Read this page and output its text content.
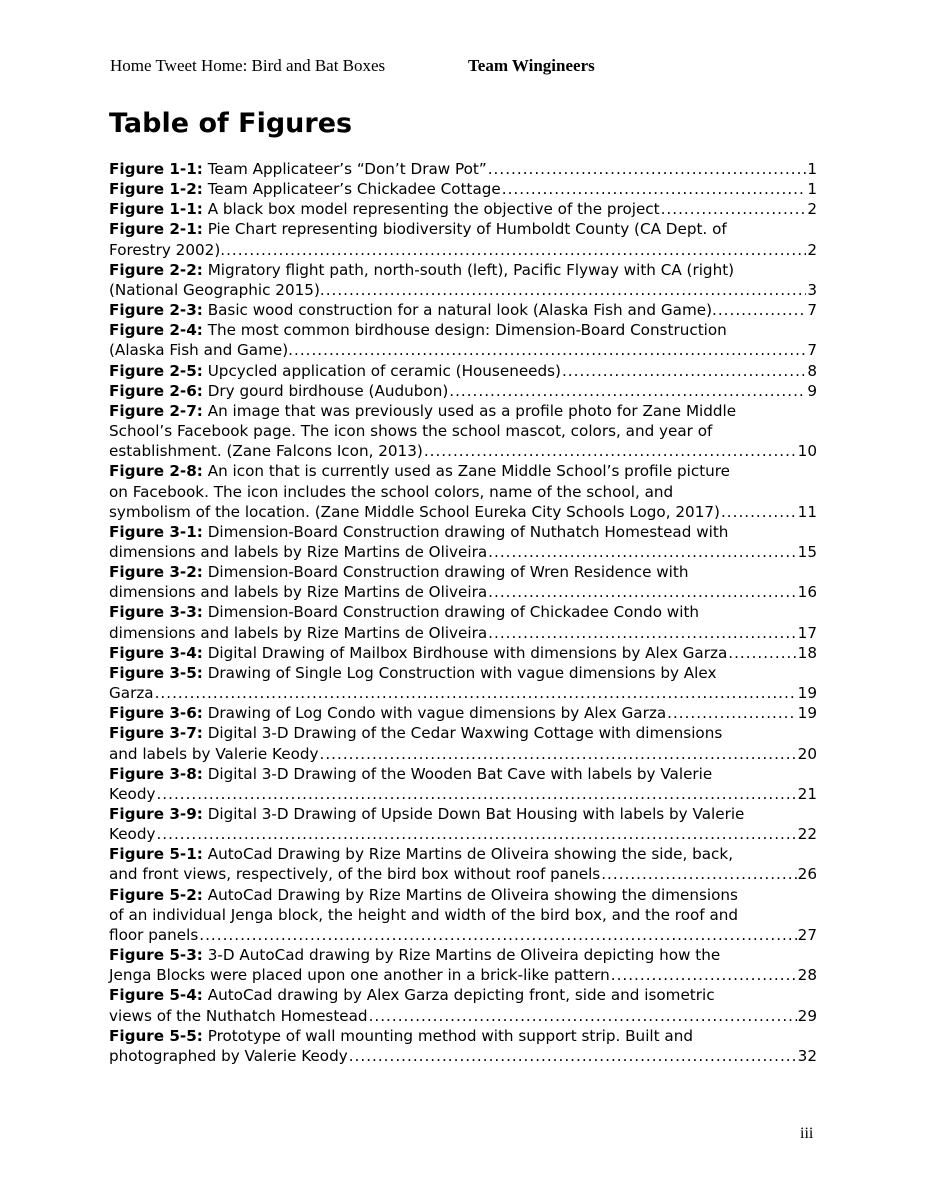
Home Tweet Home: Bird and Bat Boxes	Team Wingineers
Table of Figures
Figure 1-1: Team Applicateer’s “Don’t Draw Pot” .....	1
Figure 1-2: Team Applicateer’s Chickadee Cottage .....	1
Figure 1-1: A black box model representing the objective of the project .....	2
Figure 2-1: Pie Chart representing biodiversity of Humboldt County (CA Dept. of
Forestry 2002). .....	2
Figure 2-2: Migratory flight path, north-south (left), Pacific Flyway with CA (right)
(National Geographic 2015). .....	3
Figure 2-3: Basic wood construction for a natural look (Alaska Fish and Game). .....	7
Figure 2-4: The most common birdhouse design: Dimension-Board Construction
(Alaska Fish and Game). .....	7
Figure 2-5: Upcycled application of ceramic (Houseneeds) .....	8
Figure 2-6: Dry gourd birdhouse (Audubon) .....	9
Figure 2-7: An image that was previously used as a profile photo for Zane Middle
School’s Facebook page. The icon shows the school mascot, colors, and year of
establishment. (Zane Falcons Icon, 2013) .....	10
Figure 2-8: An icon that is currently used as Zane Middle School’s profile picture
on Facebook. The icon includes the school colors, name of the school, and
symbolism of the location. (Zane Middle School Eureka City Schools Logo, 2017) .....	11
Figure 3-1: Dimension-Board Construction drawing of Nuthatch Homestead with
dimensions and labels by Rize Martins de Oliveira .....	15
Figure 3-2: Dimension-Board Construction drawing of Wren Residence with
dimensions and labels by Rize Martins de Oliveira .....	16
Figure 3-3: Dimension-Board Construction drawing of Chickadee Condo with
dimensions and labels by Rize Martins de Oliveira .....	17
Figure 3-4: Digital Drawing of Mailbox Birdhouse with dimensions by Alex Garza .....	18
Figure 3-5: Drawing of Single Log Construction with vague dimensions by Alex
Garza .....	19
Figure 3-6: Drawing of Log Condo with vague dimensions by Alex Garza .....	19
Figure 3-7: Digital 3-D Drawing of the Cedar Waxwing Cottage with dimensions
and labels by Valerie Keody .....	20
Figure 3-8: Digital 3-D Drawing of the Wooden Bat Cave with labels by Valerie
Keody .....	21
Figure 3-9: Digital 3-D Drawing of Upside Down Bat Housing with labels by Valerie
Keody .....	22
Figure 5-1: AutoCad Drawing by Rize Martins de Oliveira showing the side, back,
and front views, respectively, of the bird box without roof panels .....	26
Figure 5-2: AutoCad Drawing by Rize Martins de Oliveira showing the dimensions
of an individual Jenga block, the height and width of the bird box, and the roof and
floor panels .....	27
Figure 5-3: 3-D AutoCad drawing by Rize Martins de Oliveira depicting how the
Jenga Blocks were placed upon one another in a brick-like pattern .....	28
Figure 5-4: AutoCad drawing by Alex Garza depicting front, side and isometric
views of the Nuthatch Homestead .....	29
Figure 5-5: Prototype of wall mounting method with support strip. Built and
photographed by Valerie Keody .....	32
iii
